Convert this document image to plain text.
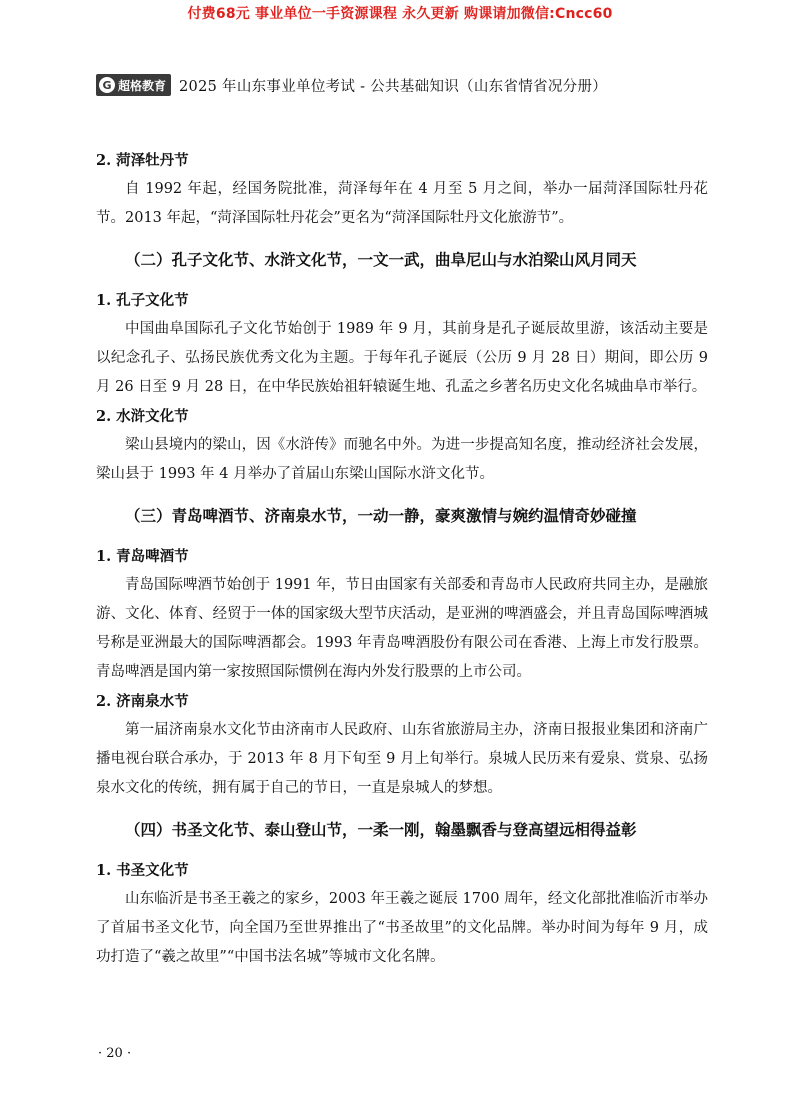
付费68元 事业单位一手资源课程 永久更新 购课请加微信:Cncc60
G 超格教育 2025 年山东事业单位考试 - 公共基础知识（山东省情省况分册）

2. 菏泽牡丹节

自 1992 年起，经国务院批准，菏泽每年在 4 月至 5 月之间，举办一届菏泽国际牡丹花节。2013 年起，“菏泽国际牡丹花会”更名为“菏泽国际牡丹文化旅游节”。

（二）孔子文化节、水浒文化节，一文一武，曲阜尼山与水泊梁山风月同天

1. 孔子文化节

中国曲阜国际孔子文化节始创于 1989 年 9 月，其前身是孔子诞辰故里游，该活动主要是以纪念孔子、弘扬民族优秀文化为主题。于每年孔子诞辰（公历 9 月 28 日）期间，即公历 9 月 26 日至 9 月 28 日，在中华民族始祖轩辕诞生地、孔孟之乡著名历史文化名城曲阜市举行。

2. 水浒文化节

梁山县境内的梁山，因《水浒传》而驰名中外。为进一步提高知名度，推动经济社会发展，梁山县于 1993 年 4 月举办了首届山东梁山国际水浒文化节。

（三）青岛啤酒节、济南泉水节，一动一静，豪爽激情与婉约温情奇妙碰撞

1. 青岛啤酒节

青岛国际啤酒节始创于 1991 年，节日由国家有关部委和青岛市人民政府共同主办，是融旅游、文化、体育、经贸于一体的国家级大型节庆活动，是亚洲的啤酒盛会，并且青岛国际啤酒城号称是亚洲最大的国际啤酒都会。1993 年青岛啤酒股份有限公司在香港、上海上市发行股票。青岛啤酒是国内第一家按照国际惯例在海内外发行股票的上市公司。

2. 济南泉水节

第一届济南泉水文化节由济南市人民政府、山东省旅游局主办，济南日报报业集团和济南广播电视台联合承办，于 2013 年 8 月下旬至 9 月上旬举行。泉城人民历来有爱泉、赏泉、弘扬泉水文化的传统，拥有属于自己的节日，一直是泉城人的梦想。

（四）书圣文化节、泰山登山节，一柔一刚，翰墨飘香与登高望远相得益彰

1. 书圣文化节

山东临沂是书圣王羲之的家乡，2003 年王羲之诞辰 1700 周年，经文化部批准临沂市举办了首届书圣文化节，向全国乃至世界推出了“书圣故里”的文化品牌。举办时间为每年 9 月，成功打造了“羲之故里”“中国书法名城”等城市文化名牌。

· 20 ·
